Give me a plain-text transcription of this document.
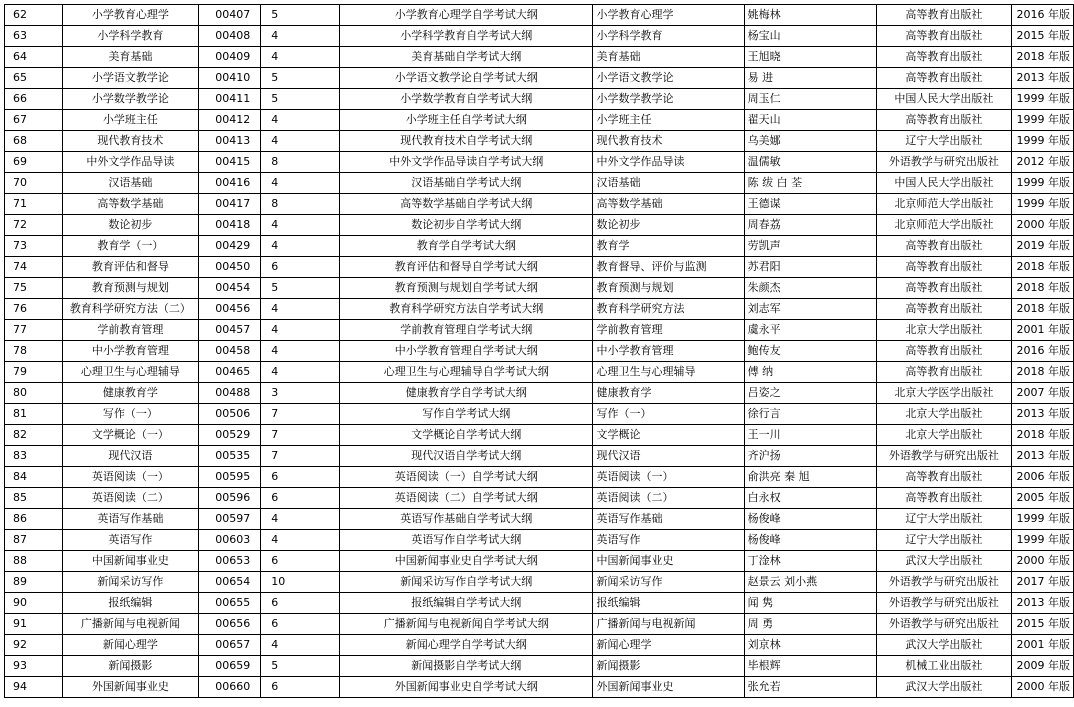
62	小学教育心理学	00407	5	小学教育心理学自学考试大纲	小学教育心理学	姚梅林	高等教育出版社	2016 年版
63	小学科学教育	00408	4	小学科学教育自学考试大纲	小学科学教育	杨宝山	高等教育出版社	2015 年版
64	美育基础	00409	4	美育基础自学考试大纲	美育基础	王旭晓	高等教育出版社	2018 年版
65	小学语文教学论	00410	5	小学语文教学论自学考试大纲	小学语文教学论	易 进	高等教育出版社	2013 年版
66	小学数学教学论	00411	5	小学数学教育自学考试大纲	小学数学教学论	周玉仁	中国人民大学出版社	1999 年版
67	小学班主任	00412	4	小学班主任自学考试大纲	小学班主任	翟天山	高等教育出版社	1999 年版
68	现代教育技术	00413	4	现代教育技术自学考试大纲	现代教育技术	乌美娜	辽宁大学出版社	1999 年版
69	中外文学作品导读	00415	8	中外文学作品导读自学考试大纲	中外文学作品导读	温儒敏	外语教学与研究出版社	2012 年版
70	汉语基础	00416	4	汉语基础自学考试大纲	汉语基础	陈 绂 白 荃	中国人民大学出版社	1999 年版
71	高等数学基础	00417	8	高等数学基础自学考试大纲	高等数学基础	王德谋	北京师范大学出版社	1999 年版
72	数论初步	00418	4	数论初步自学考试大纲	数论初步	周春荔	北京师范大学出版社	2000 年版
73	教育学（一）	00429	4	教育学自学考试大纲	教育学	劳凯声	高等教育出版社	2019 年版
74	教育评估和督导	00450	6	教育评估和督导自学考试大纲	教育督导、评价与监测	苏君阳	高等教育出版社	2018 年版
75	教育预测与规划	00454	5	教育预测与规划自学考试大纲	教育预测与规划	朱颜杰	高等教育出版社	2018 年版
76	教育科学研究方法（二）	00456	4	教育科学研究方法自学考试大纲	教育科学研究方法	刘志军	高等教育出版社	2018 年版
77	学前教育管理	00457	4	学前教育管理自学考试大纲	学前教育管理	虞永平	北京大学出版社	2001 年版
78	中小学教育管理	00458	4	中小学教育管理自学考试大纲	中小学教育管理	鲍传友	高等教育出版社	2016 年版
79	心理卫生与心理辅导	00465	4	心理卫生与心理辅导自学考试大纲	心理卫生与心理辅导	傅 纳	高等教育出版社	2018 年版
80	健康教育学	00488	3	健康教育学自学考试大纲	健康教育学	吕姿之	北京大学医学出版社	2007 年版
81	写作（一）	00506	7	写作自学考试大纲	写作（一）	徐行言	北京大学出版社	2013 年版
82	文学概论（一）	00529	7	文学概论自学考试大纲	文学概论	王一川	北京大学出版社	2018 年版
83	现代汉语	00535	7	现代汉语自学考试大纲	现代汉语	齐沪扬	外语教学与研究出版社	2013 年版
84	英语阅读（一）	00595	6	英语阅读（一）自学考试大纲	英语阅读（一）	俞洪亮 秦 旭	高等教育出版社	2006 年版
85	英语阅读（二）	00596	6	英语阅读（二）自学考试大纲	英语阅读（二）	白永权	高等教育出版社	2005 年版
86	英语写作基础	00597	4	英语写作基础自学考试大纲	英语写作基础	杨俊峰	辽宁大学出版社	1999 年版
87	英语写作	00603	4	英语写作自学考试大纲	英语写作	杨俊峰	辽宁大学出版社	1999 年版
88	中国新闻事业史	00653	6	中国新闻事业史自学考试大纲	中国新闻事业史	丁淦林	武汉大学出版社	2000 年版
89	新闻采访写作	00654	10	新闻采访写作自学考试大纲	新闻采访写作	赵景云 刘小燕	外语教学与研究出版社	2017 年版
90	报纸编辑	00655	6	报纸编辑自学考试大纲	报纸编辑	闻 隽	外语教学与研究出版社	2013 年版
91	广播新闻与电视新闻	00656	6	广播新闻与电视新闻自学考试大纲	广播新闻与电视新闻	周 勇	外语教学与研究出版社	2015 年版
92	新闻心理学	00657	4	新闻心理学自学考试大纲	新闻心理学	刘京林	武汉大学出版社	2001 年版
93	新闻摄影	00659	5	新闻摄影自学考试大纲	新闻摄影	毕根辉	机械工业出版社	2009 年版
94	外国新闻事业史	00660	6	外国新闻事业史自学考试大纲	外国新闻事业史	张允若	武汉大学出版社	2000 年版
